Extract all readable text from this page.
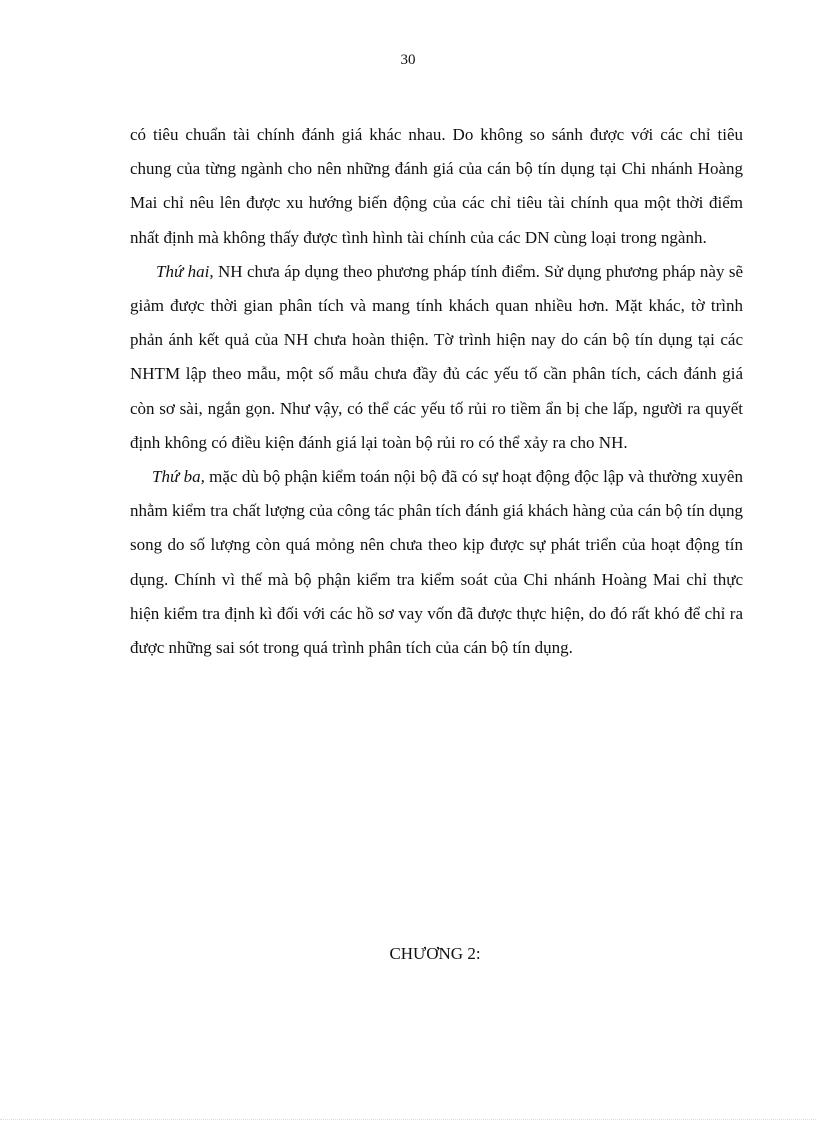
30

có tiêu chuẩn tài chính đánh giá khác nhau. Do không so sánh được với các chỉ tiêu chung của từng ngành cho nên những đánh giá của cán bộ tín dụng tại Chi nhánh Hoàng Mai chỉ nêu lên được xu hướng biến động của các chỉ tiêu tài chính qua một thời điểm nhất định mà không thấy được tình hình tài chính của các DN cùng loại trong ngành.

Thứ hai, NH chưa áp dụng theo phương pháp tính điểm. Sử dụng phương pháp này sẽ giảm được thời gian phân tích và mang tính khách quan nhiều hơn. Mặt khác, tờ trình phản ánh kết quả của NH chưa hoàn thiện. Tờ trình hiện nay do cán bộ tín dụng tại các NHTM lập theo mẫu, một số mẫu chưa đầy đủ các yếu tố cần phân tích, cách đánh giá còn sơ sài, ngắn gọn. Như vậy, có thể các yếu tố rủi ro tiềm ẩn bị che lấp, người ra quyết định không có điều kiện đánh giá lại toàn bộ rủi ro có thể xảy ra cho NH.

Thứ ba, mặc dù bộ phận kiểm toán nội bộ đã có sự hoạt động độc lập và thường xuyên nhằm kiểm tra chất lượng của công tác phân tích đánh giá khách hàng của cán bộ tín dụng song do số lượng còn quá mỏng nên chưa theo kịp được sự phát triển của hoạt động tín dụng. Chính vì thế mà bộ phận kiểm tra kiểm soát của Chi nhánh Hoàng Mai chỉ thực hiện kiểm tra định kì đối với các hồ sơ vay vốn đã được thực hiện, do đó rất khó để chỉ ra được những sai sót trong quá trình phân tích của cán bộ tín dụng.

CHƯƠNG 2:
